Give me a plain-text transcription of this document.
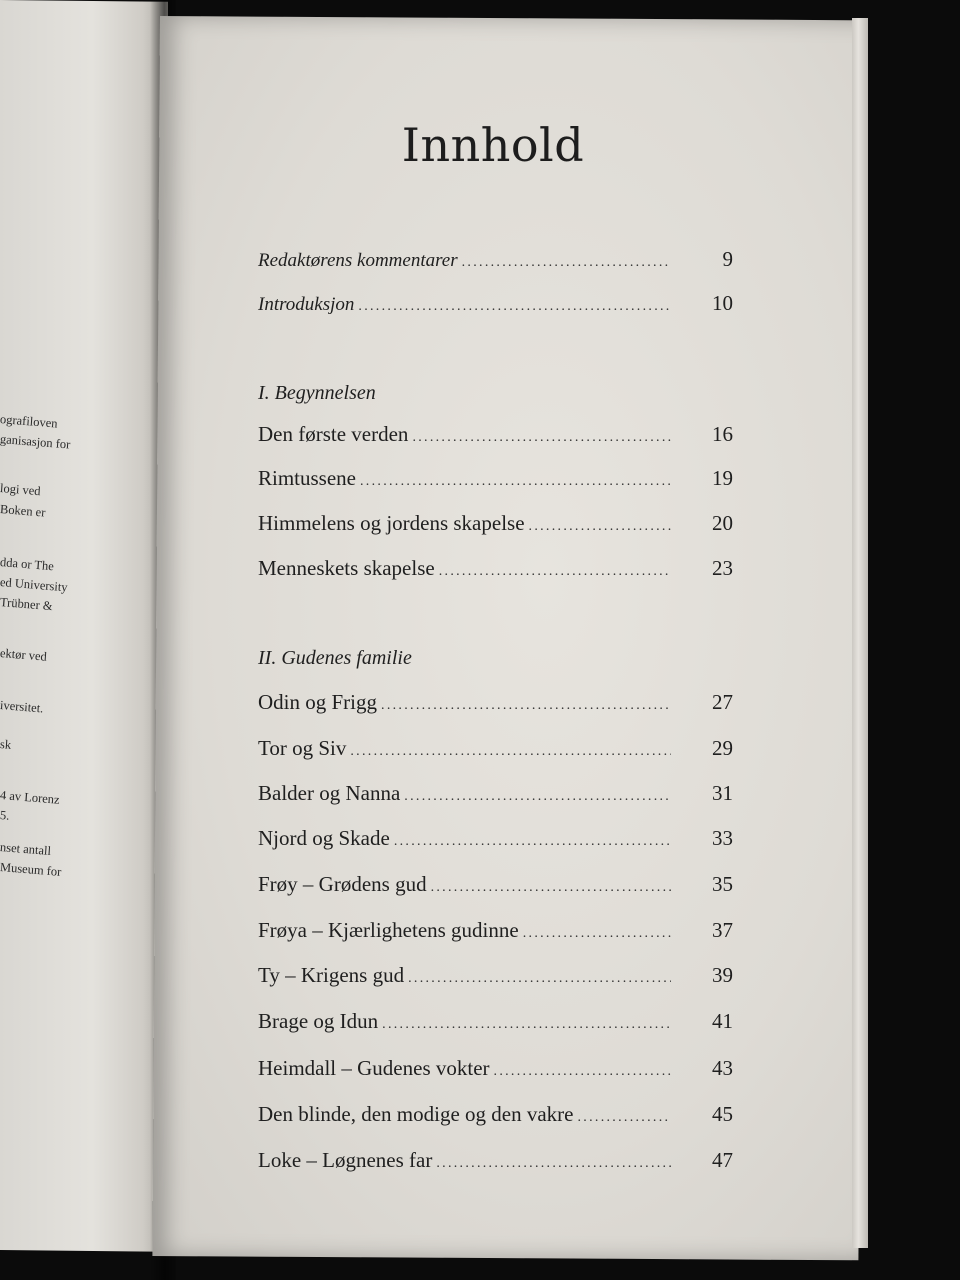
ografiloven
ganisasjon for
logi ved
Boken er
dda or The
ed University
Trübner &
ektør ved
iversitet.
sk
4 av Lorenz
5.
nset antall
Museum for
Innhold
Redaktørens kommentarer .....	9
Introduksjon .....	10
I. Begynnelsen
Den første verden .....	16
Rimtussene .....	19
Himmelens og jordens skapelse .....	20
Menneskets skapelse .....	23
II. Gudenes familie
Odin og Frigg .....	27
Tor og Siv .....	29
Balder og Nanna .....	31
Njord og Skade .....	33
Frøy – Grødens gud .....	35
Frøya – Kjærlighetens gudinne .....	37
Ty – Krigens gud .....	39
Brage og Idun .....	41
Heimdall – Gudenes vokter .....	43
Den blinde, den modige og den vakre .....	45
Loke – Løgnenes far .....	47
